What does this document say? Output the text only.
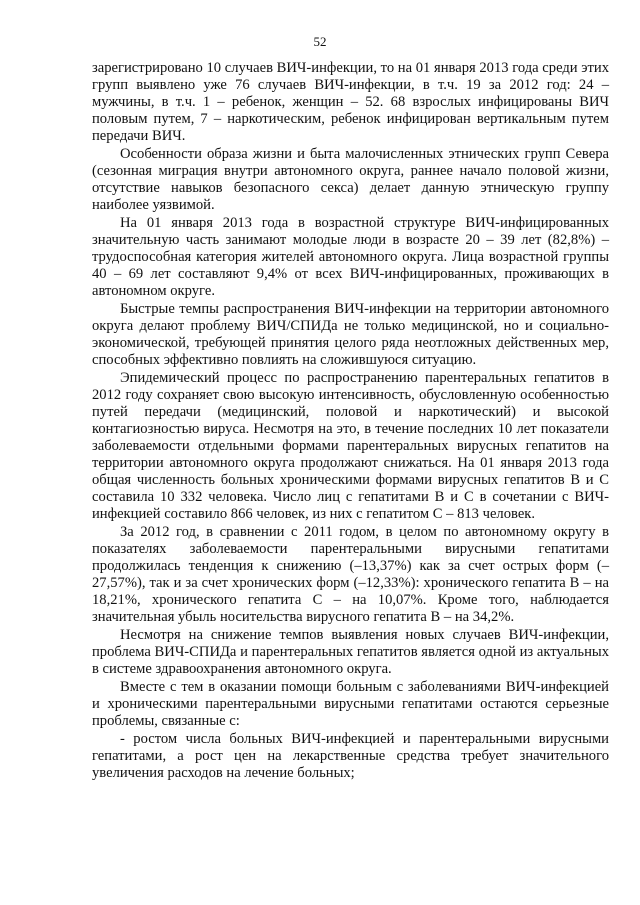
52

зарегистрировано 10 случаев ВИЧ-инфекции, то на 01 января 2013 года среди этих групп выявлено уже 76 случаев ВИЧ-инфекции, в т.ч. 19 за 2012 год: 24 – мужчины, в т.ч. 1 – ребенок, женщин – 52. 68 взрослых инфицированы ВИЧ половым путем, 7 – наркотическим, ребенок инфицирован вертикальным путем передачи ВИЧ.

Особенности образа жизни и быта малочисленных этнических групп Севера (сезонная миграция внутри автономного округа, раннее начало половой жизни, отсутствие навыков безопасного секса) делает данную этническую группу наиболее уязвимой.

На 01 января 2013 года в возрастной структуре ВИЧ-инфицированных значительную часть занимают молодые люди в возрасте 20 – 39 лет (82,8%) – трудоспособная категория жителей автономного округа. Лица возрастной группы 40 – 69 лет составляют 9,4% от всех ВИЧ-инфицированных, проживающих в автономном округе.

Быстрые темпы распространения ВИЧ-инфекции на территории автономного округа делают проблему ВИЧ/СПИДа не только медицинской, но и социально-экономической, требующей принятия целого ряда неотложных действенных мер, способных эффективно повлиять на сложившуюся ситуацию.

Эпидемический процесс по распространению парентеральных гепатитов в 2012 году сохраняет свою высокую интенсивность, обусловленную особенностью путей передачи (медицинский, половой и наркотический) и высокой контагиозностью вируса. Несмотря на это, в течение последних 10 лет показатели заболеваемости отдельными формами парентеральных вирусных гепатитов на территории автономного округа продолжают снижаться. На 01 января 2013 года общая численность больных хроническими формами вирусных гепатитов В и С составила 10 332 человека. Число лиц с гепатитами В и С в сочетании с ВИЧ-инфекцией составило 866 человек, из них с гепатитом С – 813 человек.

За 2012 год, в сравнении с 2011 годом, в целом по автономному округу в показателях заболеваемости парентеральными вирусными гепатитами продолжилась тенденция к снижению (–13,37%) как за счет острых форм (–27,57%), так и за счет хронических форм (–12,33%): хронического гепатита В – на 18,21%, хронического гепатита С – на 10,07%. Кроме того, наблюдается значительная убыль носительства вирусного гепатита В – на 34,2%.

Несмотря на снижение темпов выявления новых случаев ВИЧ-инфекции, проблема ВИЧ-СПИДа и парентеральных гепатитов является одной из актуальных в системе здравоохранения автономного округа.

Вместе с тем в оказании помощи больным с заболеваниями ВИЧ-инфекцией и хроническими парентеральными вирусными гепатитами остаются серьезные проблемы, связанные с:

- ростом числа больных ВИЧ-инфекцией и парентеральными вирусными гепатитами, а рост цен на лекарственные средства требует значительного увеличения расходов на лечение больных;
